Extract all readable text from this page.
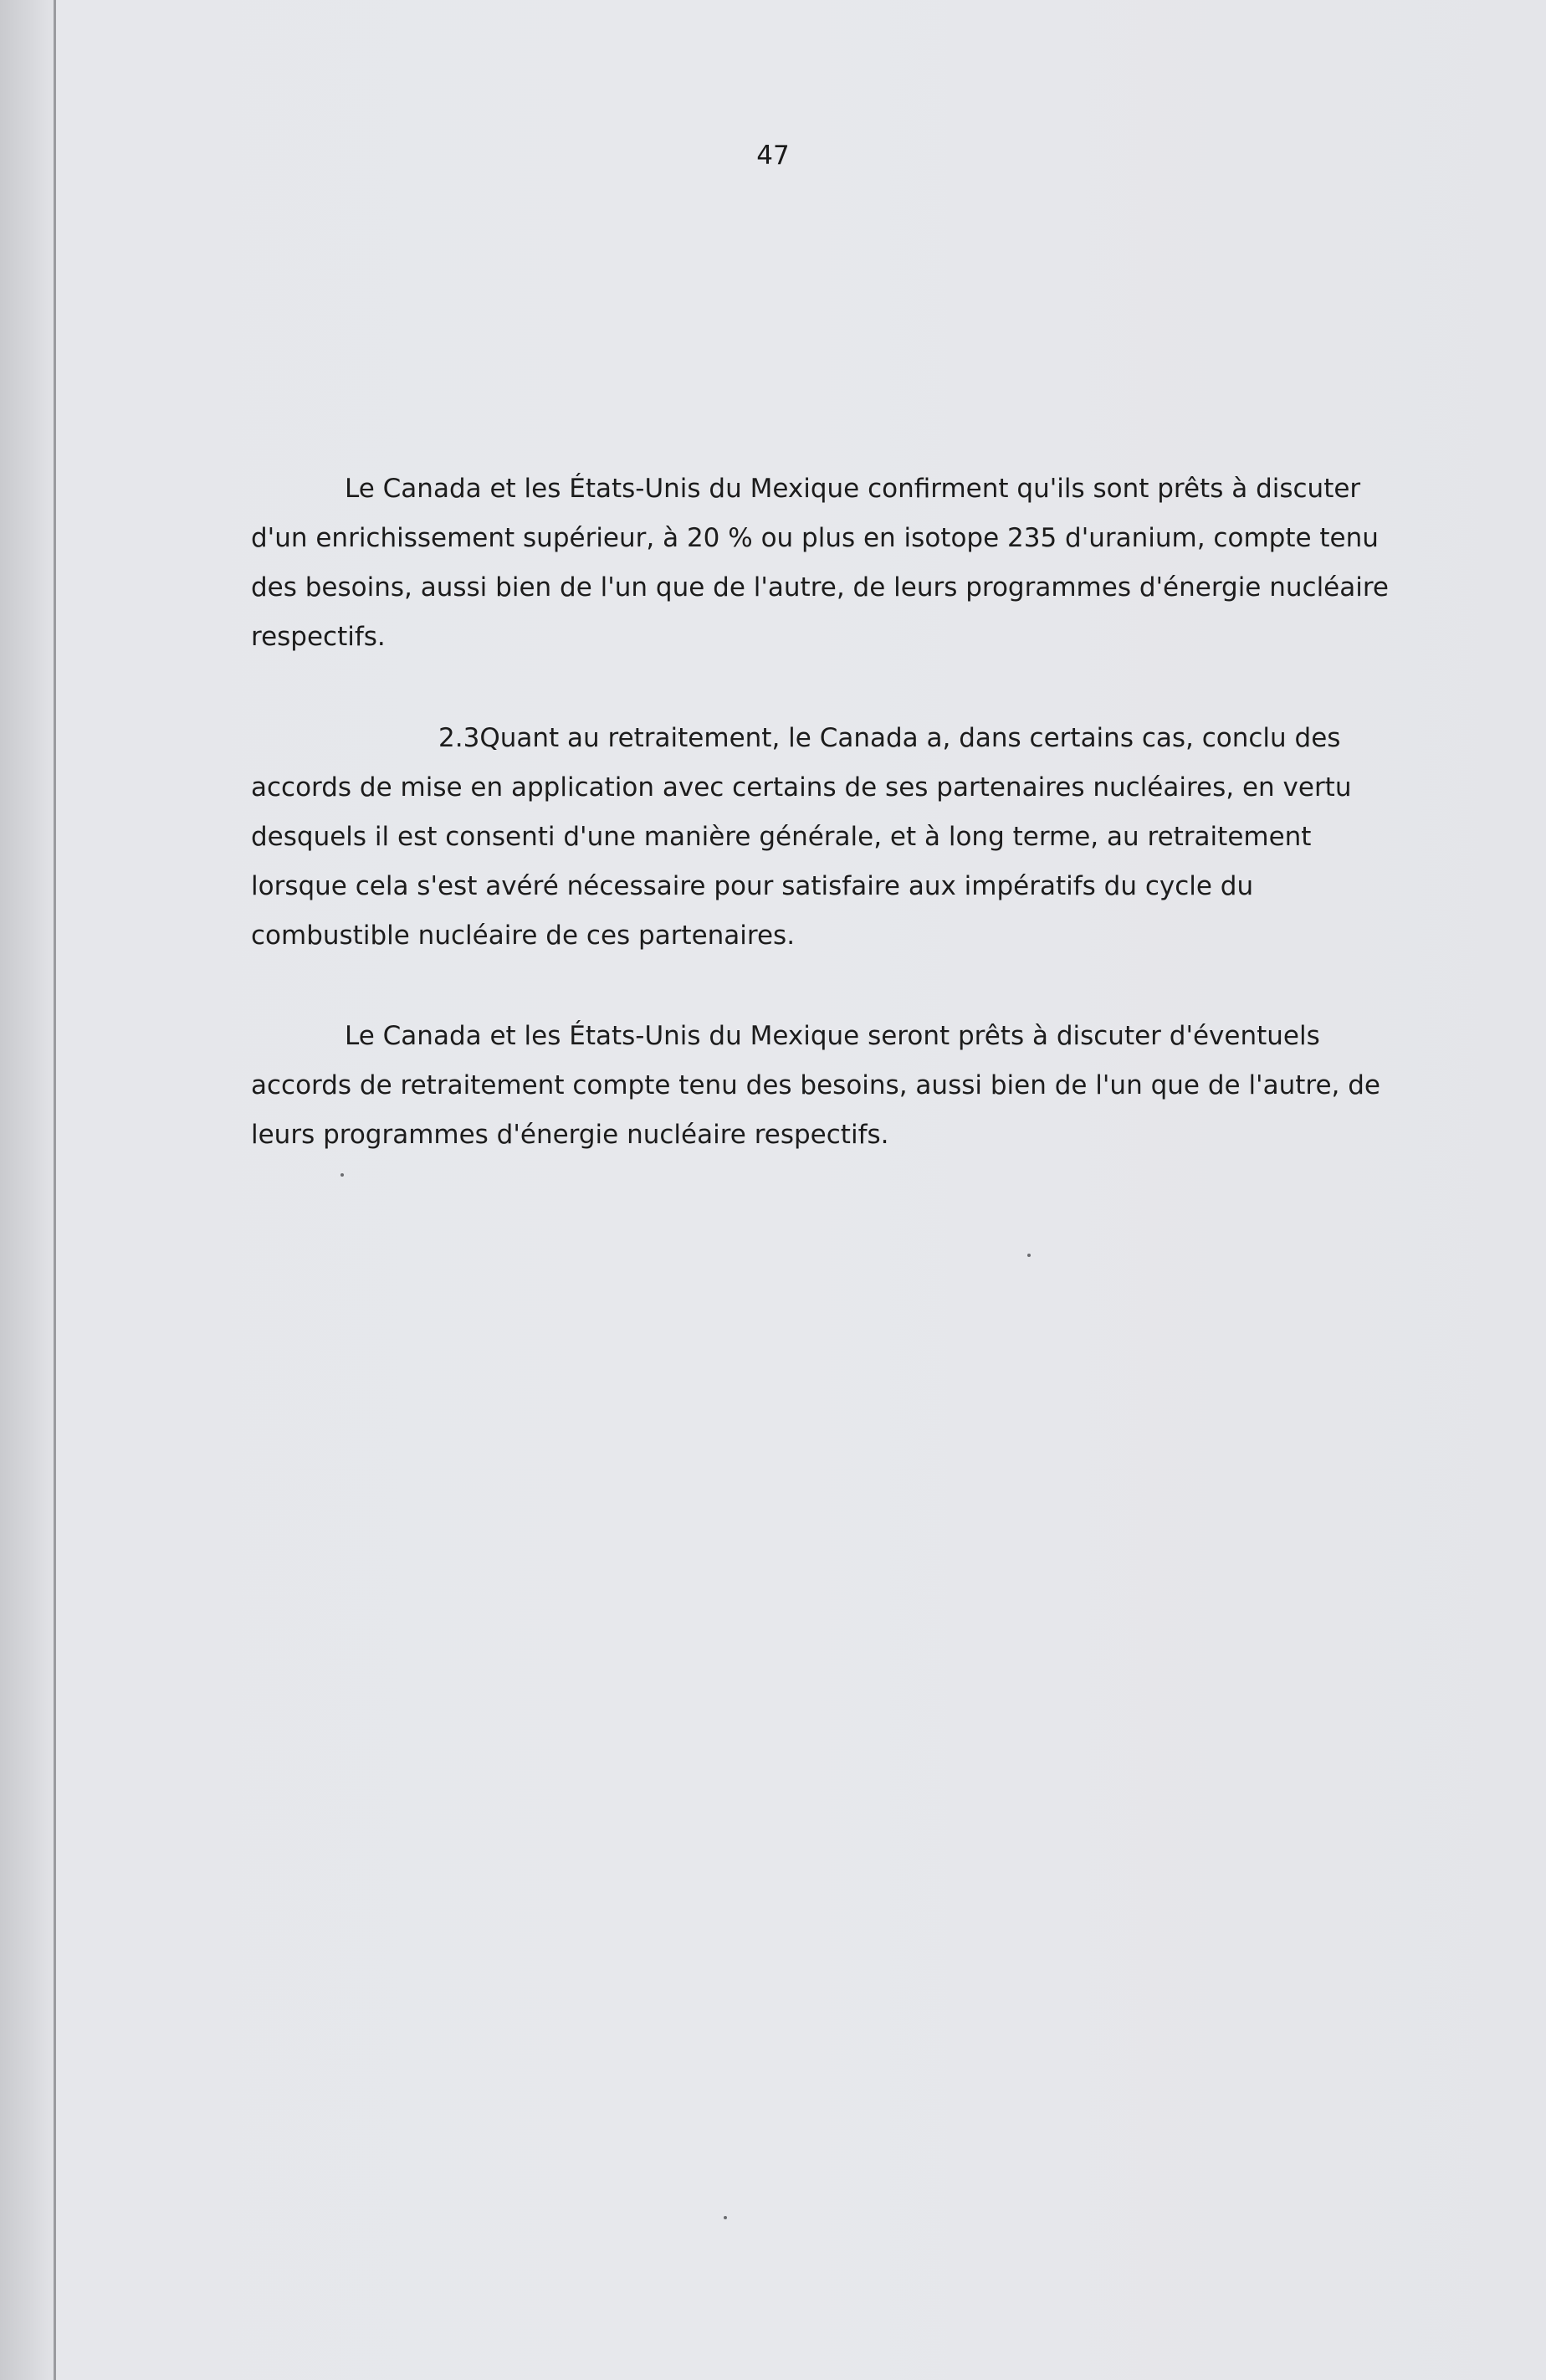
47

Le Canada et les États-Unis du Mexique confirment qu'ils sont prêts à discuter d'un enrichissement supérieur, à 20 % ou plus en isotope 235 d'uranium, compte tenu des besoins, aussi bien de l'un que de l'autre, de leurs programmes d'énergie nucléaire respectifs.

2.3Quant au retraitement, le Canada a, dans certains cas, conclu des accords de mise en application avec certains de ses partenaires nucléaires, en vertu desquels il est consenti d'une manière générale, et à long terme, au retraitement lorsque cela s'est avéré nécessaire pour satisfaire aux impératifs du cycle du combustible nucléaire de ces partenaires.

Le Canada et les États-Unis du Mexique seront prêts à discuter d'éventuels accords de retraitement compte tenu des besoins, aussi bien de l'un que de l'autre, de leurs programmes d'énergie nucléaire respectifs.
